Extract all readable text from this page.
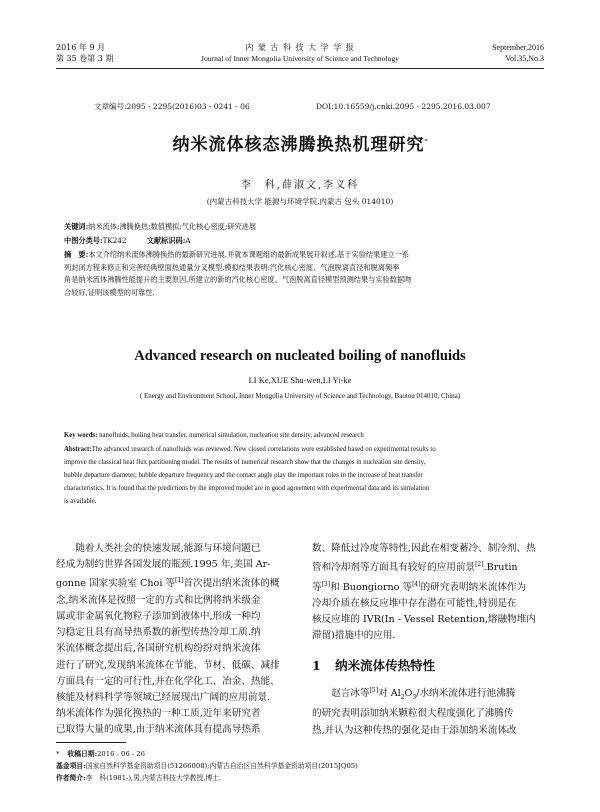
2016 年 9 月
第 35 卷第 3 期
内 蒙 古 科 技 大 学 学 报
Journal of Inner Mongolia University of Science and Technology
September,2016
Vol.35,No.3
文章编号:2095 - 2295(2016)03 - 0241 - 06	DOI:10.16559/j.cnki.2095 - 2295.2016.03.007
纳米流体核态沸腾换热机理研究*
李　科,薛淑文,李义科
(内蒙古科技大学 能源与环境学院,内蒙古 包头 014010)
关键词:纳米流体;沸腾换热;数值模拟;气化核心密度;研究进展
中图分类号:TK242	文献标识码:A
摘　要:本文介绍纳米流体沸腾换热的最新研究进展,并就本课题组的最新成果展开叙述,基于实验结果建立一系
列封闭方程来修正和完善经典壁面热通量分叉模型,模拟结果表明:汽化核心密度、气泡脱离直径和脱离频率
角是纳米流体沸腾性能提升的主要原因,所建立的新的汽化核心密度、气泡脱离直径模型预测结果与实验数据吻
合较好,证明该模型的可靠性.
Advanced research on nucleated boiling of nanofluids
LI Ke,XUE Shu-wen,LI Yi-ke
( Energy and Environment School, Inner Mongolia University of Science and Technology, Baotou 014010, China)
Key words: nanofluids, boiling heat transfer, numerical simulation, nucleation site density, advanced research
Abstract:The advanced research of nanofluids was reviewed. New closed correlations were established based on experimental results to
improve the classical heat flux partitioning model. The results of numerical research show that the changes in nucleation site density,
bubble departure diameter, bubble departure frequency and the contact angle play the important roles in the increase of heat transfer
characteristics. It is found that the predictions by the improved model are in good agreement with experimental data and its simulation
is available.
随着人类社会的快速发展,能源与环境问题已
经成为制约世界各国发展的瓶颈.1995 年,美国 Ar-
gonne 国家实验室 Choi 等[1]首次提出纳米流体的概
念,纳米流体是按照一定的方式和比例将纳米级金
属或非金属氧化物粒子添加到液体中,形成一种均
匀稳定且具有高导热系数的新型传热冷却工质.纳
米流体概念提出后,各国研究机构纷纷对纳米流体
进行了研究,发现纳米流体在节能、节材、低碳、减排
方面具有一定的可行性,并在化学化工、冶金、热能、
核能及材料科学等领域已经展现出广阔的应用前景.
纳米流体作为强化换热的一种工质,近年来研究者
已取得大量的成果,由于纳米流体具有提高导热系
数、降低过冷度等特性,因此在相变蓄冷、制冷剂、热
管和冷却剂等方面具有较好的应用前景[2].Brutin
等[3]和 Buongiorno 等[4]的研究表明纳米流体作为
冷却介质在核反应堆中存在潜在可能性,特别是在
核反应堆的 IVR(In - Vessel Retention,熔融物堆内
滞留)措施中的应用.
1 纳米流体传热特性
赵言冰等[5]对 $Al_2O_3/$水纳米流体进行池沸腾
的研究表明添加纳米颗粒很大程度强化了沸腾传
热,并认为这种传热的强化是由于添加纳米流体改
* 收稿日期:2016 - 06 - 26
基金项目:国家自然科学基金资助项目(51266008);内蒙古自治区自然科学基金资助项目(2015JQ05)
作者简介:李　科(1981-),男,内蒙古科技大学教授,博士.
